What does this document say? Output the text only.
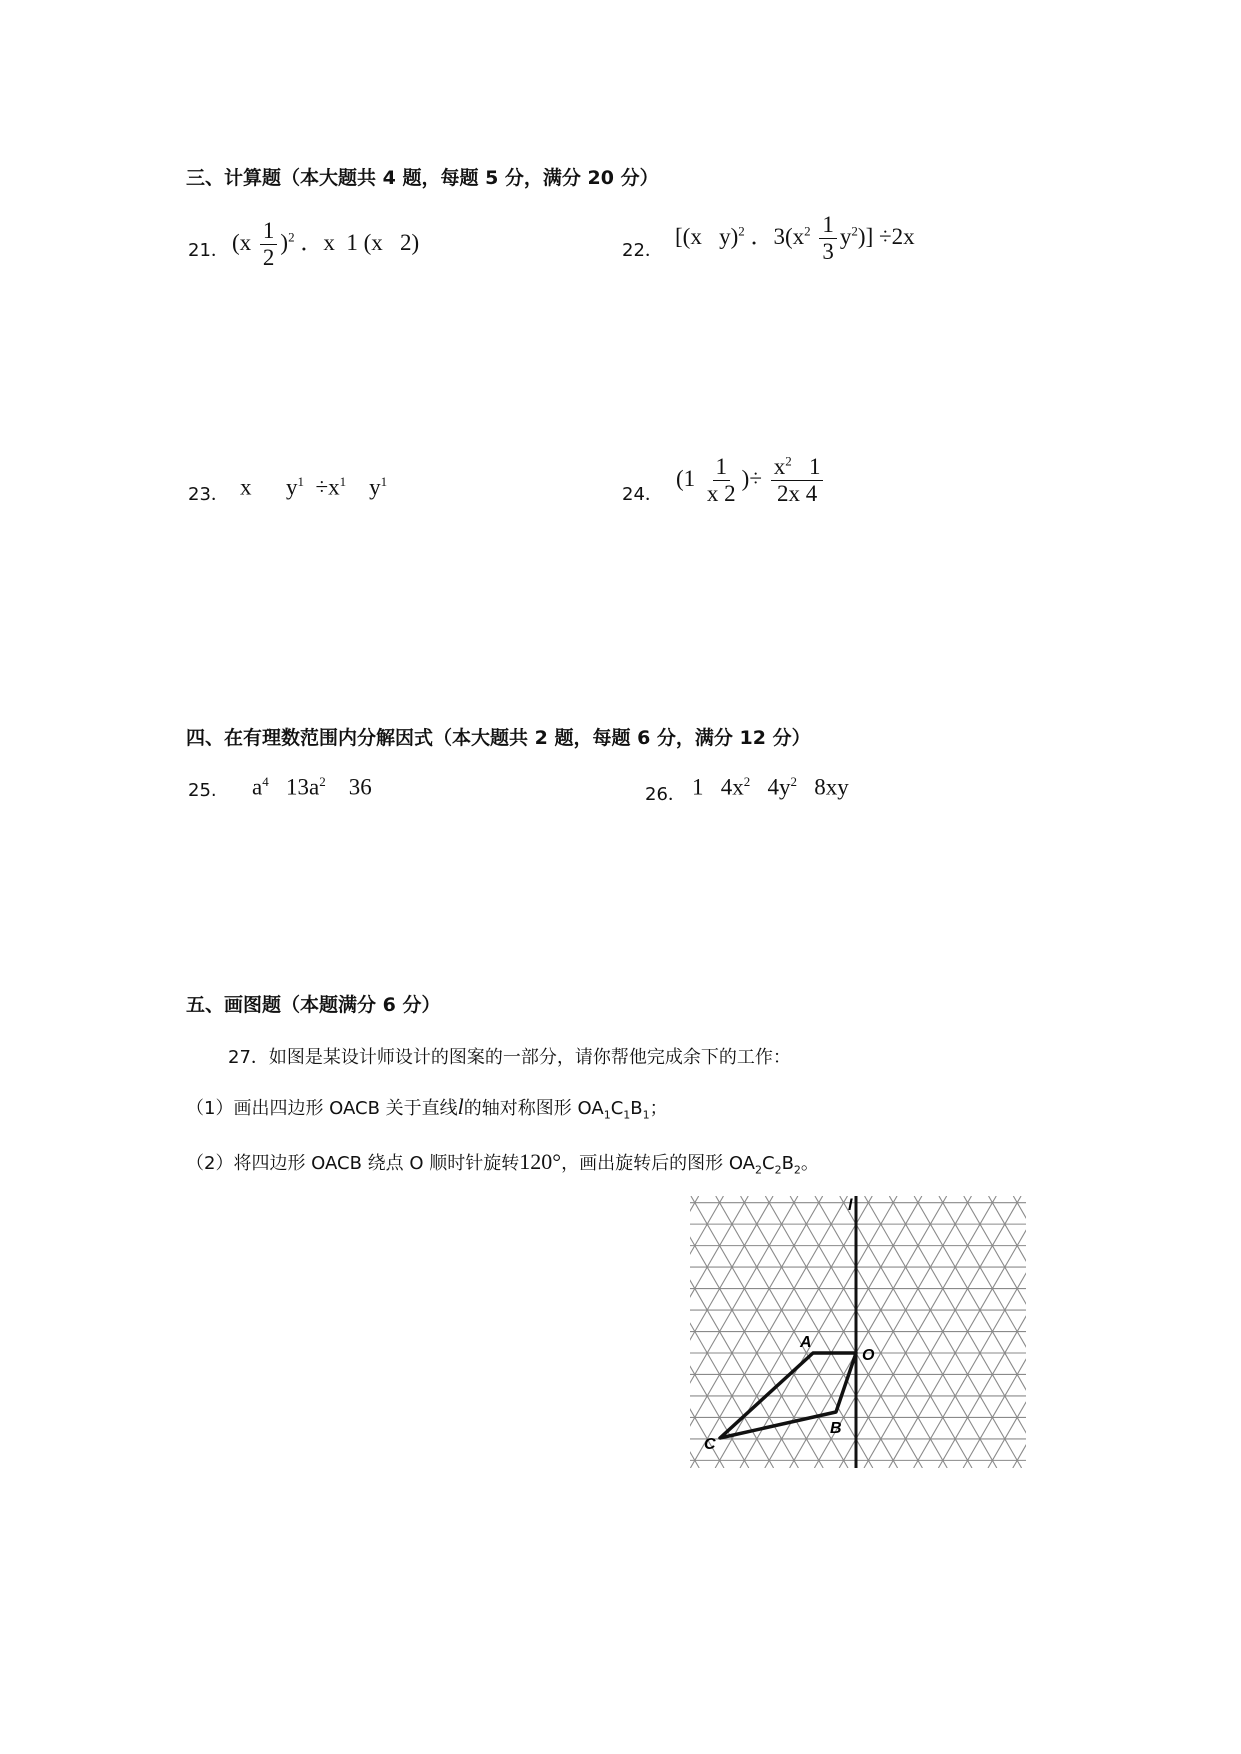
三、计算题（本大题共 4 题，每题 5 分，满分 20 分）
21． $(x \frac{1}{2} )^2$ ．x 1 (x 2)	22．
[(x y)$^2$ ．$3(x^2 \frac{1}{3} y^2)] \div 2x$
23． x $y^1 \div x^1$ $y^1$
24．
($1 \frac{1}{x 2}$ )÷ $\frac{x^2 1}{2x 4}$
四、在有理数范围内分解因式（本大题共 2 题，每题 6 分，满分 12 分）
25. $a^4$ $13a^2$ 36	26． 1 $4x^2$ $4y^2$ 8xy
五、画图题（本题满分 6 分）
27．如图是某设计师设计的图案的一部分，请你帮他完成余下的工作：
（1）画出四边形 OACB 关于直线l的轴对称图形 $OA_1C_1B_1$；
（2）将四边形 OACB 绕点 O 顺时针旋转120°，画出旋转后的图形 $OA_2C_2B_2$。
l
A
O
B
C
